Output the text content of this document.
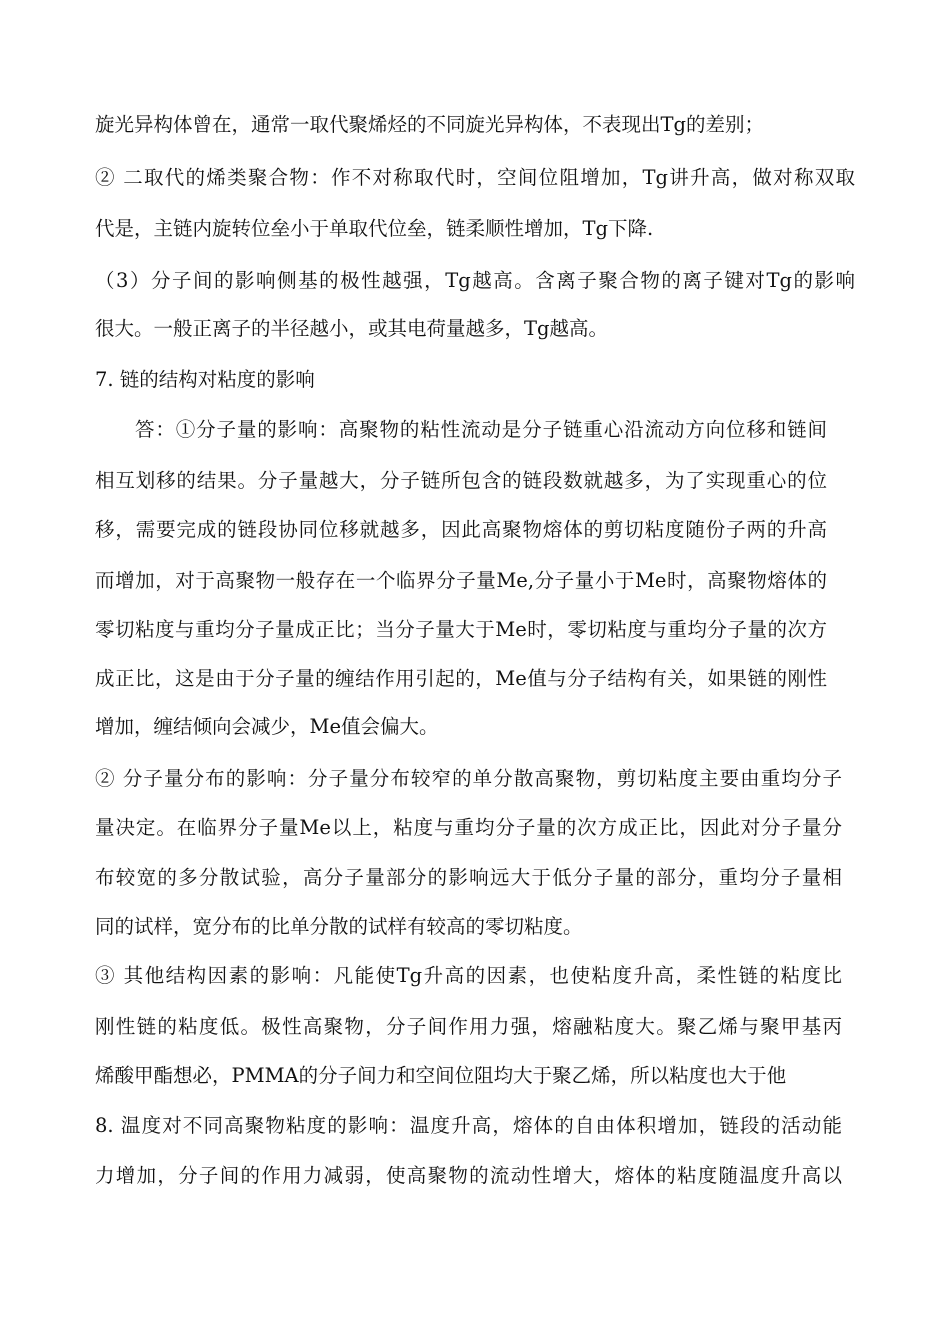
旋光异构体曾在，通常一取代聚烯烃的不同旋光异构体，不表现出Tg的差别；
② 二取代的烯类聚合物：作不对称取代时，空间位阻增加，Tg讲升高，做对称双取
代是，主链内旋转位垒小于单取代位垒，链柔顺性增加，Tg下降.
（3）分子间的影响侧基的极性越强，Tg越高。含离子聚合物的离子键对Tg的影响
很大。一般正离子的半径越小，或其电荷量越多，Tg越高。
7. 链的结构对粘度的影响
答：①分子量的影响：高聚物的粘性流动是分子链重心沿流动方向位移和链间
相互划移的结果。分子量越大，分子链所包含的链段数就越多，为了实现重心的位
移，需要完成的链段协同位移就越多，因此高聚物熔体的剪切粘度随份子两的升高
而增加，对于高聚物一般存在一个临界分子量Me,分子量小于Me时，高聚物熔体的
零切粘度与重均分子量成正比；当分子量大于Me时，零切粘度与重均分子量的次方
成正比，这是由于分子量的缠结作用引起的，Me值与分子结构有关，如果链的刚性
增加，缠结倾向会减少，Me值会偏大。
② 分子量分布的影响：分子量分布较窄的单分散高聚物，剪切粘度主要由重均分子
量决定。在临界分子量Me以上，粘度与重均分子量的次方成正比，因此对分子量分
布较宽的多分散试验，高分子量部分的影响远大于低分子量的部分，重均分子量相
同的试样，宽分布的比单分散的试样有较高的零切粘度。
③ 其他结构因素的影响：凡能使Tg升高的因素，也使粘度升高，柔性链的粘度比
刚性链的粘度低。极性高聚物，分子间作用力强，熔融粘度大。聚乙烯与聚甲基丙
烯酸甲酯想必，PMMA的分子间力和空间位阻均大于聚乙烯，所以粘度也大于他
8. 温度对不同高聚物粘度的影响：温度升高，熔体的自由体积增加，链段的活动能
力增加，分子间的作用力减弱，使高聚物的流动性增大，熔体的粘度随温度升高以
